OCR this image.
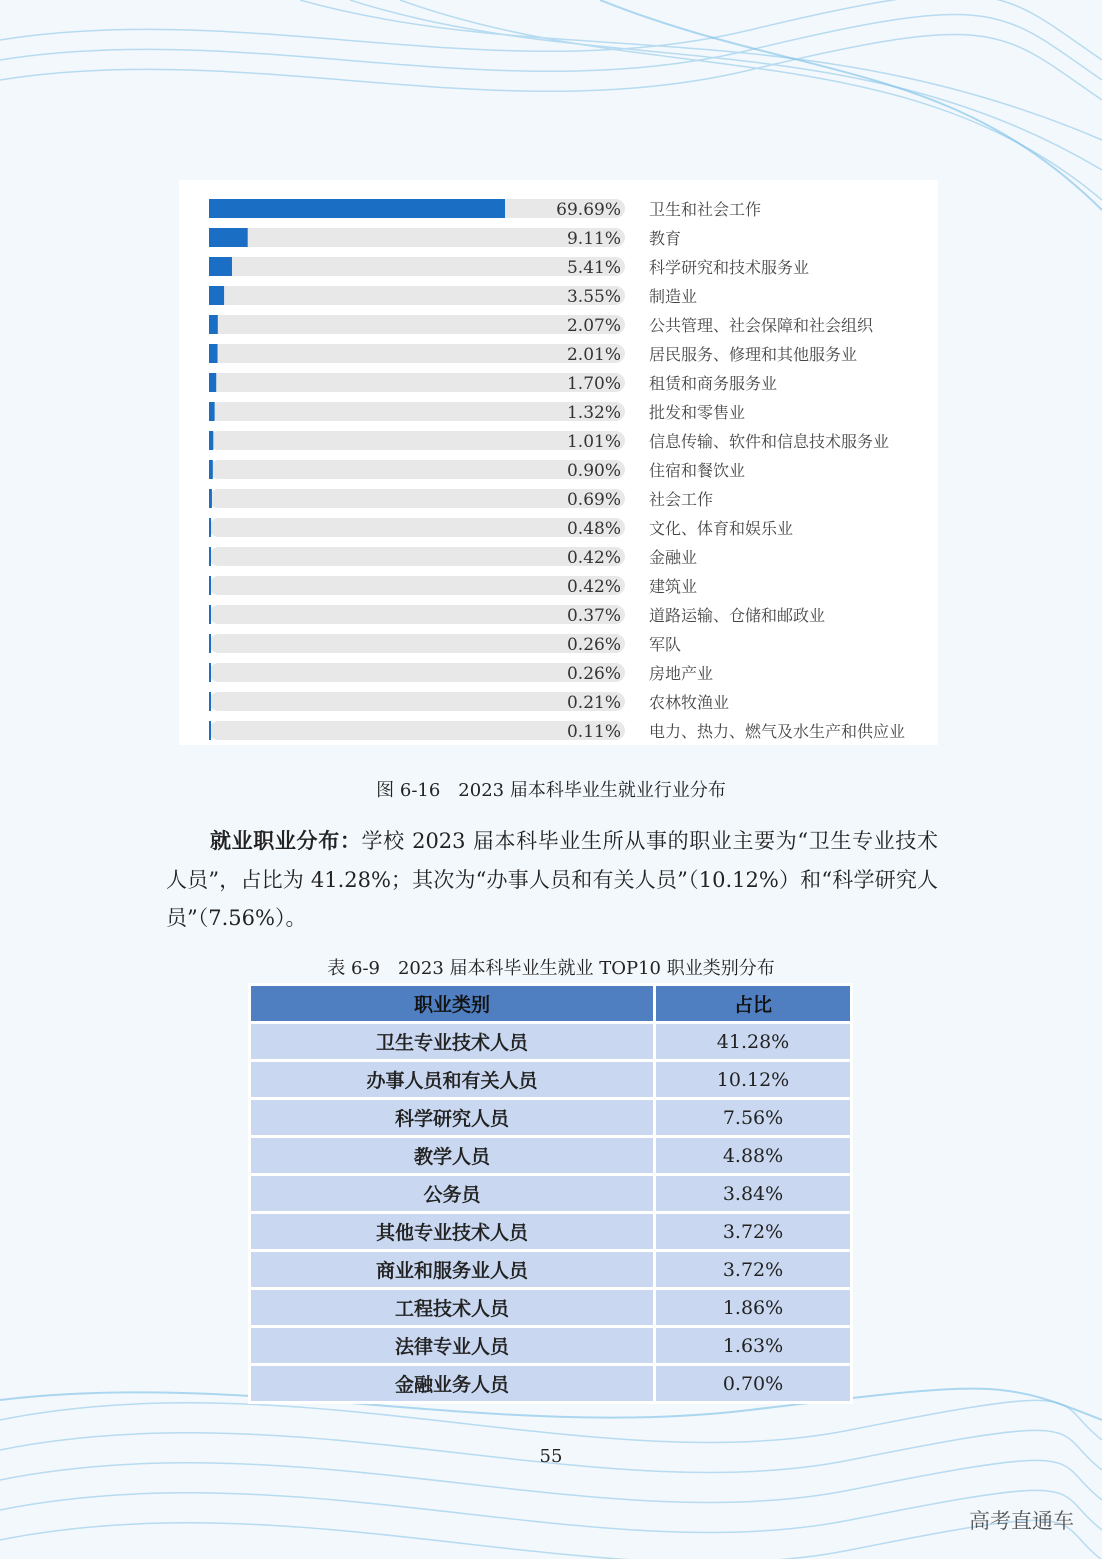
69.69% 卫生和社会工作
9.11% 教育
5.41% 科学研究和技术服务业
3.55% 制造业
2.07% 公共管理、社会保障和社会组织
2.01% 居民服务、修理和其他服务业
1.70% 租赁和商务服务业
1.32% 批发和零售业
1.01% 信息传输、软件和信息技术服务业
0.90% 住宿和餐饮业
0.69% 社会工作
0.48% 文化、体育和娱乐业
0.42% 金融业
0.42% 建筑业
0.37% 道路运输、仓储和邮政业
0.26% 军队
0.26% 房地产业
0.21% 农林牧渔业
0.11% 电力、热力、燃气及水生产和供应业
图 6-16　2023 届本科毕业生就业行业分布
就业职业分布：学校 2023 届本科毕业生所从事的职业主要为“卫生专业技术人员”，占比为 41.28%；其次为“办事人员和有关人员”（10.12%）和“科学研究人员”（7.56%）。
表 6-9　2023 届本科毕业生就业 TOP10 职业类别分布
职业类别	占比
卫生专业技术人员	41.28%
办事人员和有关人员	10.12%
科学研究人员	7.56%
教学人员	4.88%
公务员	3.84%
其他专业技术人员	3.72%
商业和服务业人员	3.72%
工程技术人员	1.86%
法律专业人员	1.63%
金融业务人员	0.70%
55
高考直通车
